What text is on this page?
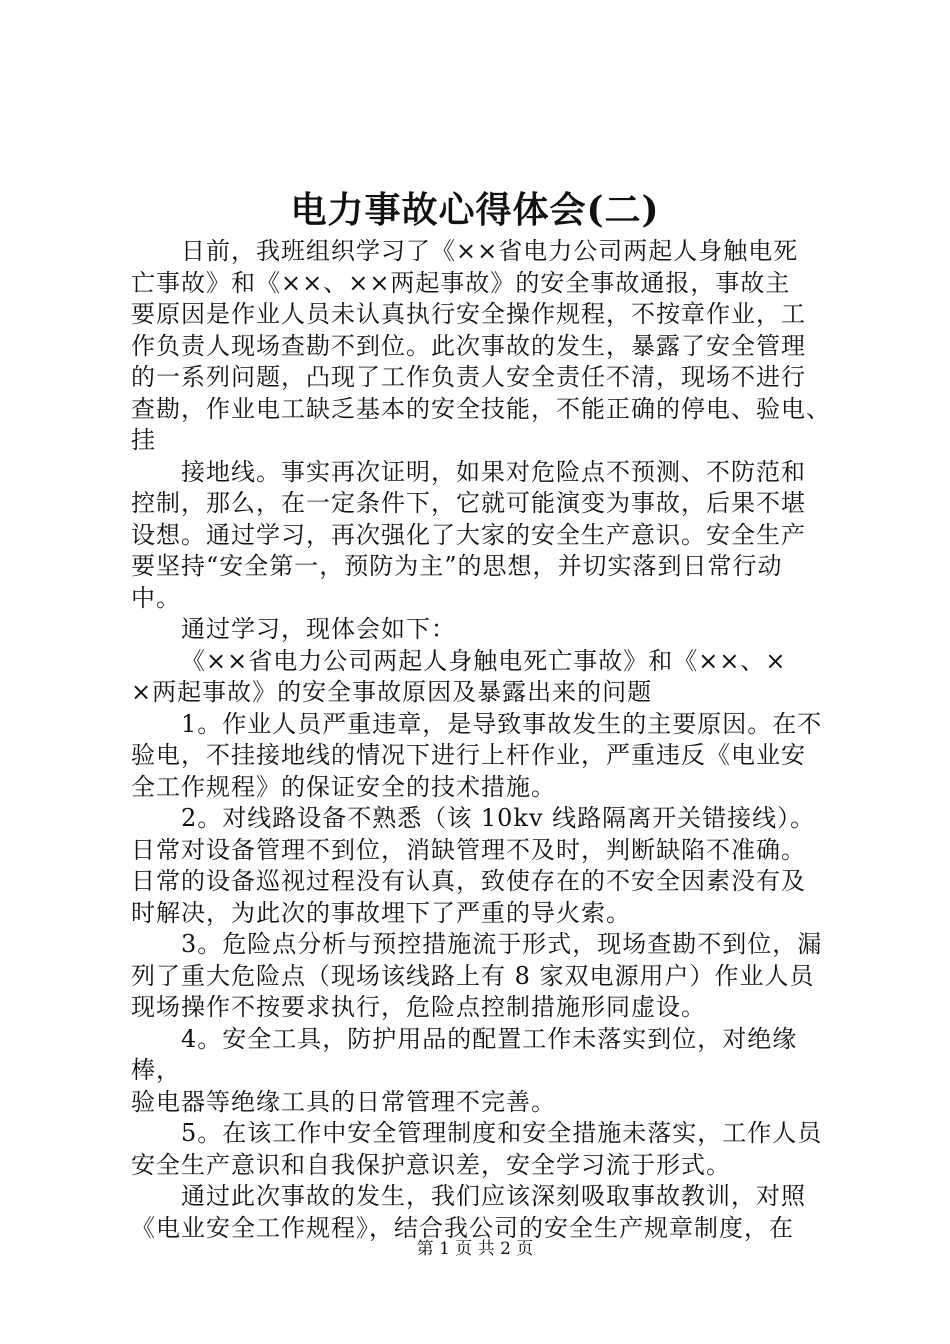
电力事故心得体会(二)

日前，我班组织学习了《××省电力公司两起人身触电死
亡事故》和《××、××两起事故》的安全事故通报，事故主
要原因是作业人员未认真执行安全操作规程，不按章作业，工
作负责人现场查勘不到位。此次事故的发生，暴露了安全管理
的一系列问题，凸现了工作负责人安全责任不清，现场不进行
查勘，作业电工缺乏基本的安全技能，不能正确的停电、验电、
挂

接地线。事实再次证明，如果对危险点不预测、不防范和
控制，那么，在一定条件下，它就可能演变为事故，后果不堪
设想。通过学习，再次强化了大家的安全生产意识。安全生产
要坚持“安全第一，预防为主”的思想，并切实落到日常行动
中。

通过学习，现体会如下：

《××省电力公司两起人身触电死亡事故》和《××、×
×两起事故》的安全事故原因及暴露出来的问题

1。作业人员严重违章，是导致事故发生的主要原因。在不
验电，不挂接地线的情况下进行上杆作业，严重违反《电业安
全工作规程》的保证安全的技术措施。

2。对线路设备不熟悉（该 10kv 线路隔离开关错接线）。
日常对设备管理不到位，消缺管理不及时，判断缺陷不准确。
日常的设备巡视过程没有认真，致使存在的不安全因素没有及
时解决，为此次的事故埋下了严重的导火索。

3。危险点分析与预控措施流于形式，现场查勘不到位，漏
列了重大危险点（现场该线路上有 8 家双电源用户）作业人员
现场操作不按要求执行，危险点控制措施形同虚设。

4。安全工具，防护用品的配置工作未落实到位，对绝缘棒，
验电器等绝缘工具的日常管理不完善。

5。在该工作中安全管理制度和安全措施未落实，工作人员
安全生产意识和自我保护意识差，安全学习流于形式。

通过此次事故的发生，我们应该深刻吸取事故教训，对照
《电业安全工作规程》，结合我公司的安全生产规章制度，在

第 1 页 共 2 页
